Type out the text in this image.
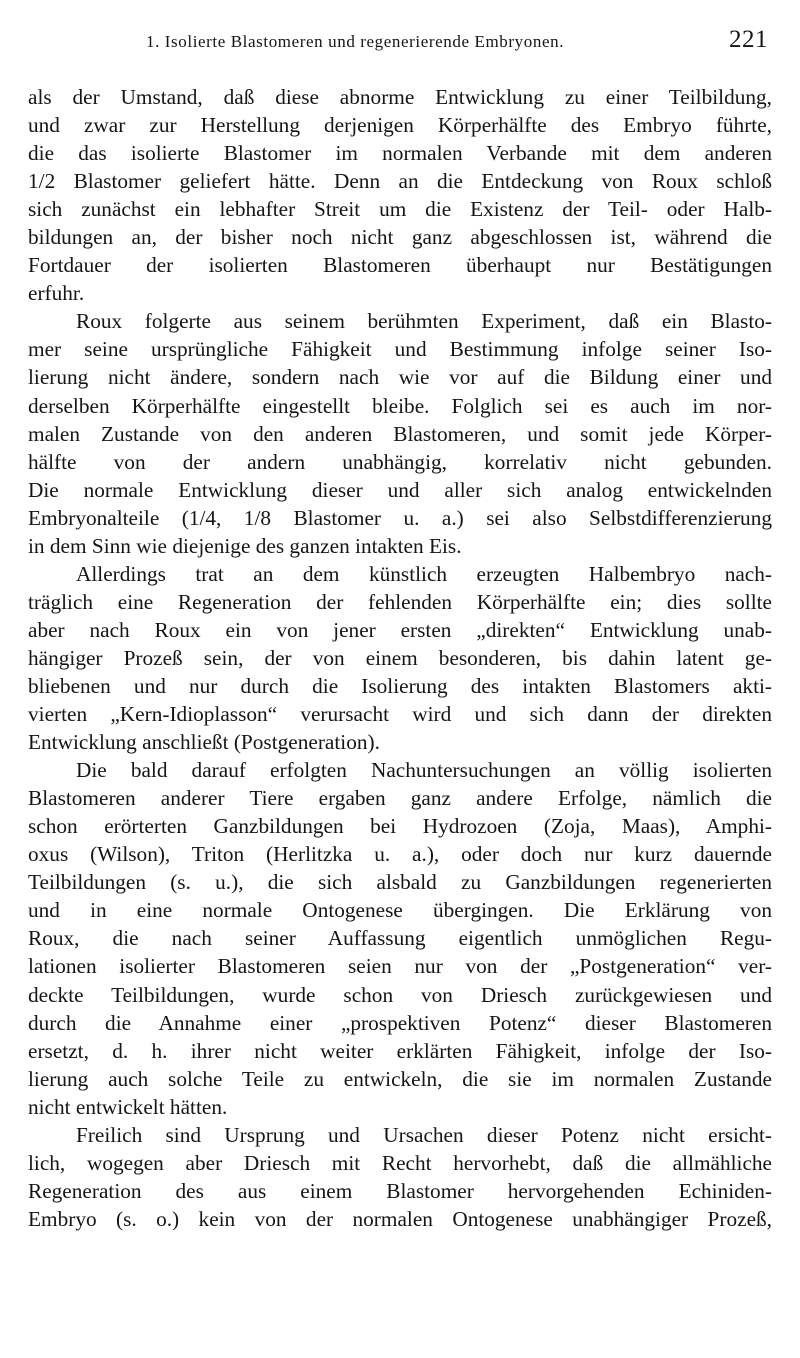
1. Isolierte Blastomeren und regenerierende Embryonen.	221
als der Umstand, daß diese abnorme Entwicklung zu einer Teilbildung,
und zwar zur Herstellung derjenigen Körperhälfte des Embryo führte,
die das isolierte Blastomer im normalen Verbande mit dem anderen
1/2 Blastomer geliefert hätte. Denn an die Entdeckung von Roux schloß
sich zunächst ein lebhafter Streit um die Existenz der Teil- oder Halb-
bildungen an, der bisher noch nicht ganz abgeschlossen ist, während die
Fortdauer der isolierten Blastomeren überhaupt nur Bestätigungen
erfuhr.
Roux folgerte aus seinem berühmten Experiment, daß ein Blasto-
mer seine ursprüngliche Fähigkeit und Bestimmung infolge seiner Iso-
lierung nicht ändere, sondern nach wie vor auf die Bildung einer und
derselben Körperhälfte eingestellt bleibe. Folglich sei es auch im nor-
malen Zustande von den anderen Blastomeren, und somit jede Körper-
hälfte von der andern unabhängig, korrelativ nicht gebunden.
Die normale Entwicklung dieser und aller sich analog entwickelnden
Embryonalteile (1/4, 1/8 Blastomer u. a.) sei also Selbstdifferenzierung
in dem Sinn wie diejenige des ganzen intakten Eis.
Allerdings trat an dem künstlich erzeugten Halbembryo nach-
träglich eine Regeneration der fehlenden Körperhälfte ein; dies sollte
aber nach Roux ein von jener ersten „direkten“ Entwicklung unab-
hängiger Prozeß sein, der von einem besonderen, bis dahin latent ge-
bliebenen und nur durch die Isolierung des intakten Blastomers akti-
vierten „Kern-Idioplasson“ verursacht wird und sich dann der direkten
Entwicklung anschließt (Postgeneration).
Die bald darauf erfolgten Nachuntersuchungen an völlig isolierten
Blastomeren anderer Tiere ergaben ganz andere Erfolge, nämlich die
schon erörterten Ganzbildungen bei Hydrozoen (Zoja, Maas), Amphi-
oxus (Wilson), Triton (Herlitzka u. a.), oder doch nur kurz dauernde
Teilbildungen (s. u.), die sich alsbald zu Ganzbildungen regenerierten
und in eine normale Ontogenese übergingen. Die Erklärung von
Roux, die nach seiner Auffassung eigentlich unmöglichen Regu-
lationen isolierter Blastomeren seien nur von der „Postgeneration“ ver-
deckte Teilbildungen, wurde schon von Driesch zurückgewiesen und
durch die Annahme einer „prospektiven Potenz“ dieser Blastomeren
ersetzt, d. h. ihrer nicht weiter erklärten Fähigkeit, infolge der Iso-
lierung auch solche Teile zu entwickeln, die sie im normalen Zustande
nicht entwickelt hätten.
Freilich sind Ursprung und Ursachen dieser Potenz nicht ersicht-
lich, wogegen aber Driesch mit Recht hervorhebt, daß die allmähliche
Regeneration des aus einem Blastomer hervorgehenden Echiniden-
Embryo (s. o.) kein von der normalen Ontogenese unabhängiger Prozeß,
